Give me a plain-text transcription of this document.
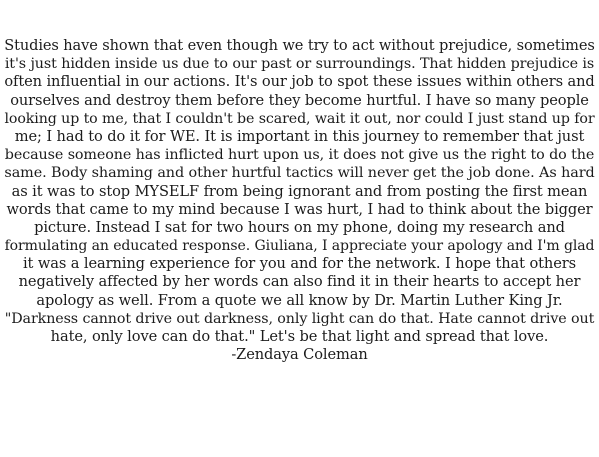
Studies have shown that even though we try to act without prejudice, sometimes
it's just hidden inside us due to our past or surroundings. That hidden prejudice is
often influential in our actions. It's our job to spot these issues within others and
ourselves and destroy them before they become hurtful. I have so many people
looking up to me, that I couldn't be scared, wait it out, nor could I just stand up for
me; I had to do it for WE. It is important in this journey to remember that just
because someone has inflicted hurt upon us, it does not give us the right to do the
same. Body shaming and other hurtful tactics will never get the job done. As hard
as it was to stop MYSELF from being ignorant and from posting the first mean
words that came to my mind because I was hurt, I had to think about the bigger
picture. Instead I sat for two hours on my phone, doing my research and
formulating an educated response. Giuliana, I appreciate your apology and I'm glad
it was a learning experience for you and for the network. I hope that others
negatively affected by her words can also find it in their hearts to accept her
apology as well. From a quote we all know by Dr. Martin Luther King Jr.
"Darkness cannot drive out darkness, only light can do that. Hate cannot drive out
hate, only love can do that." Let's be that light and spread that love.
-Zendaya Coleman
